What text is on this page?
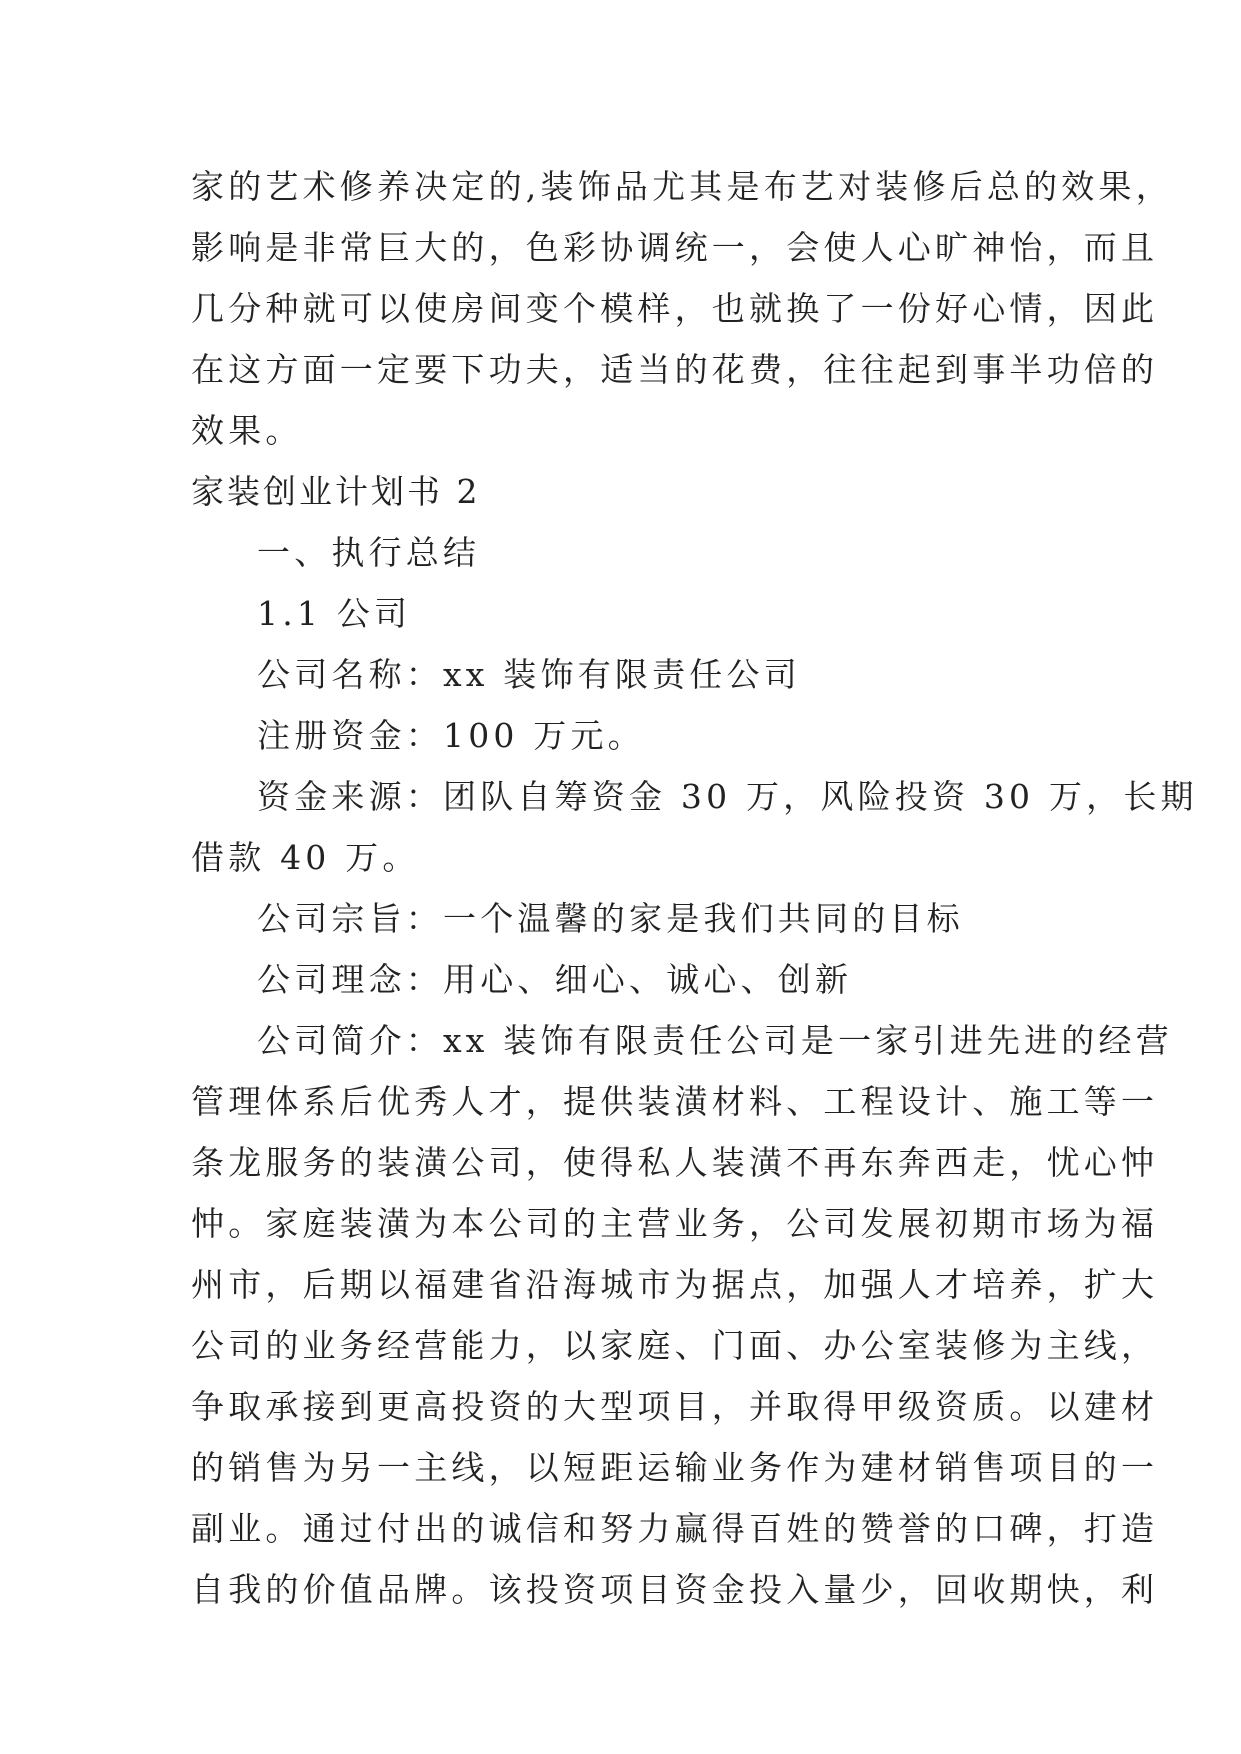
家的艺术修养决定的,装饰品尤其是布艺对装修后总的效果，
影响是非常巨大的，色彩协调统一，会使人心旷神怡，而且
几分种就可以使房间变个模样，也就换了一份好心情，因此
在这方面一定要下功夫，适当的花费，往往起到事半功倍的
效果。
家装创业计划书 2
一、执行总结
1.1 公司
公司名称：xx 装饰有限责任公司
注册资金：100 万元。
资金来源：团队自筹资金 30 万，风险投资 30 万，长期
借款 40 万。
公司宗旨：一个温馨的家是我们共同的目标
公司理念：用心、细心、诚心、创新
公司简介：xx 装饰有限责任公司是一家引进先进的经营
管理体系后优秀人才，提供装潢材料、工程设计、施工等一
条龙服务的装潢公司，使得私人装潢不再东奔西走，忧心忡
忡。家庭装潢为本公司的主营业务，公司发展初期市场为福
州市，后期以福建省沿海城市为据点，加强人才培养，扩大
公司的业务经营能力，以家庭、门面、办公室装修为主线，
争取承接到更高投资的大型项目，并取得甲级资质。以建材
的销售为另一主线，以短距运输业务作为建材销售项目的一
副业。通过付出的诚信和努力赢得百姓的赞誉的口碑，打造
自我的价值品牌。该投资项目资金投入量少，回收期快，利
